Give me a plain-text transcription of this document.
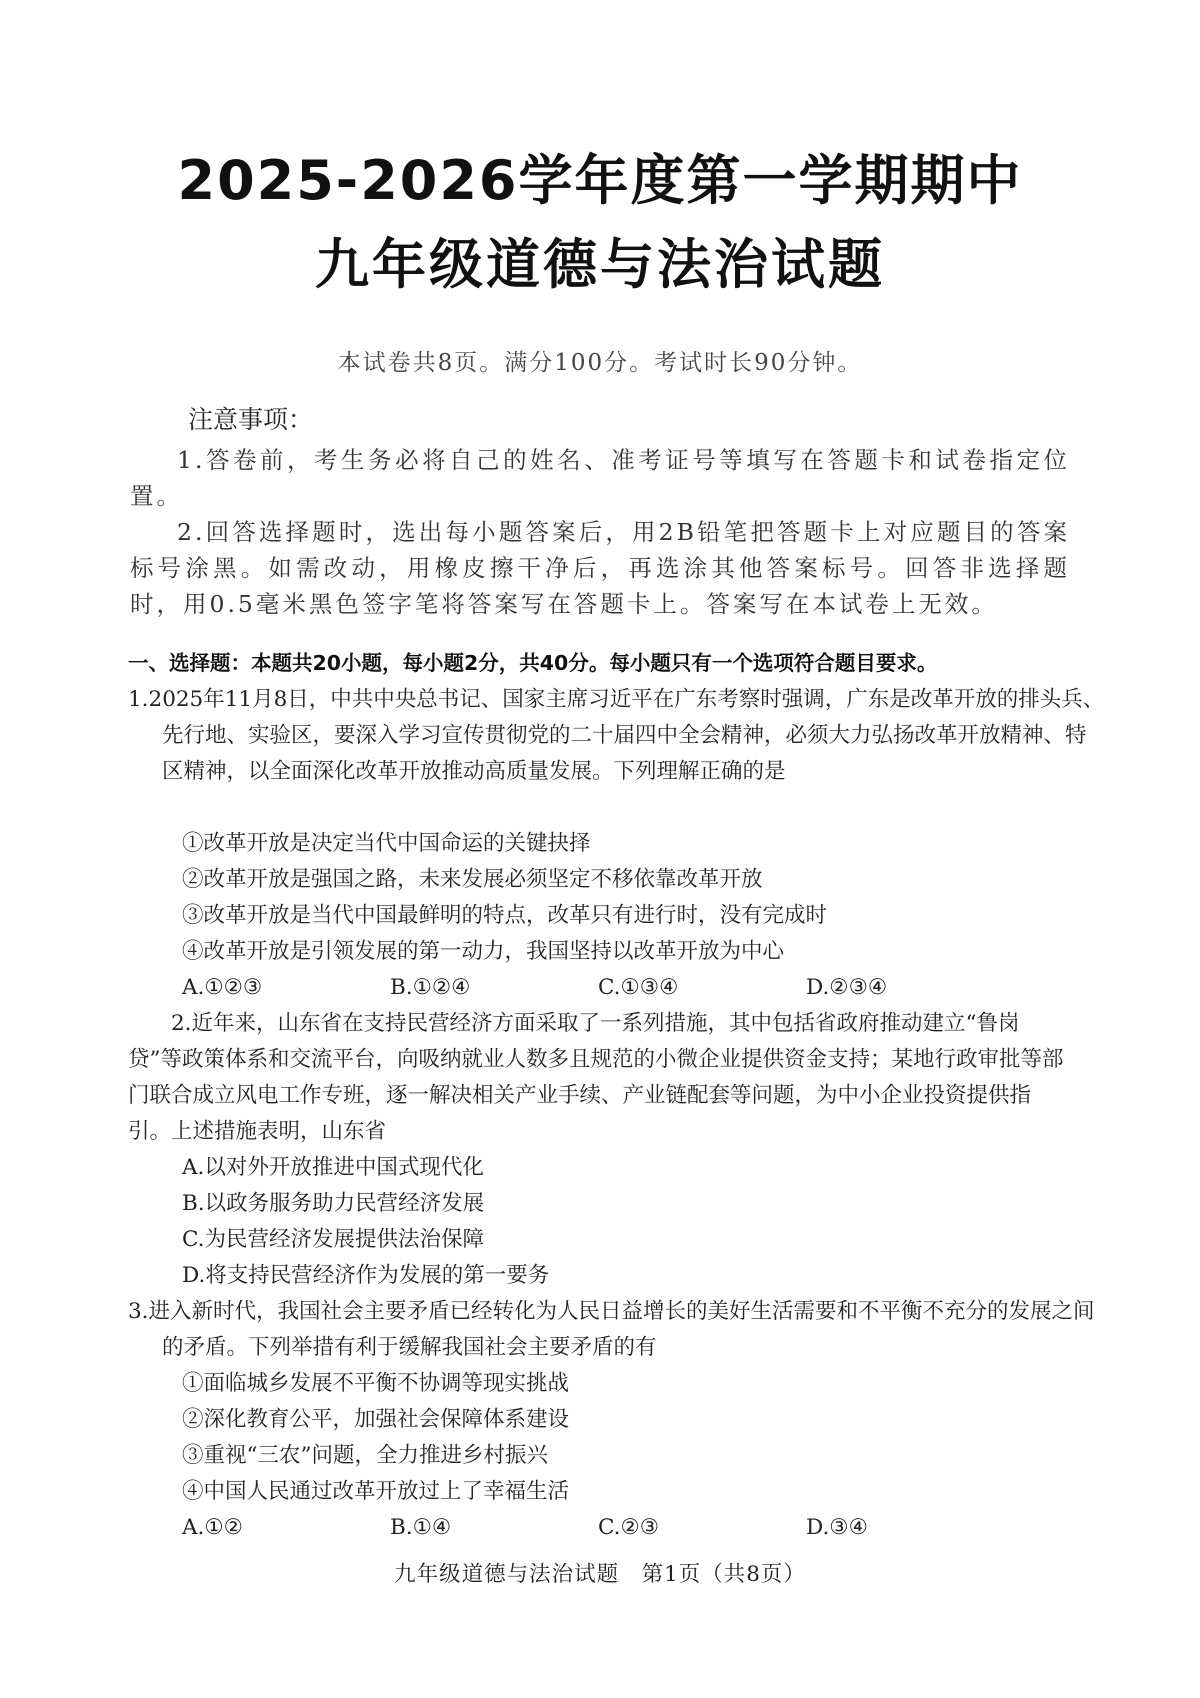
2025-2026学年度第一学期期中
九年级道德与法治试题
本试卷共8页。满分100分。考试时长90分钟。
注意事项：

1.答卷前，考生务必将自己的姓名、准考证号等填写在答题卡和试卷指定位置。

2.回答选择题时，选出每小题答案后，用2B铅笔把答题卡上对应题目的答案标号涂黑。如需改动，用橡皮擦干净后，再选涂其他答案标号。回答非选择题时，用0.5毫米黑色签字笔将答案写在答题卡上。答案写在本试卷上无效。

一、选择题：本题共20小题，每小题2分，共40分。每小题只有一个选项符合题目要求。

1.2025年11月8日，中共中央总书记、国家主席习近平在广东考察时强调，广东是改革开放的排头兵、先行地、实验区，要深入学习宣传贯彻党的二十届四中全会精神，必须大力弘扬改革开放精神、特区精神，以全面深化改革开放推动高质量发展。下列理解正确的是

①改革开放是决定当代中国命运的关键抉择

②改革开放是强国之路，未来发展必须坚定不移依靠改革开放

③改革开放是当代中国最鲜明的特点，改革只有进行时，没有完成时

④改革开放是引领发展的第一动力，我国坚持以改革开放为中心

A.①②③	B.①②④	C.①③④	D.②③④

2.近年来，山东省在支持民营经济方面采取了一系列措施，其中包括省政府推动建立“鲁岗贷”等政策体系和交流平台，向吸纳就业人数多且规范的小微企业提供资金支持；某地行政审批等部门联合成立风电工作专班，逐一解决相关产业手续、产业链配套等问题，为中小企业投资提供指引。上述措施表明，山东省

A.以对外开放推进中国式现代化

B.以政务服务助力民营经济发展

C.为民营经济发展提供法治保障

D.将支持民营经济作为发展的第一要务

3.进入新时代，我国社会主要矛盾已经转化为人民日益增长的美好生活需要和不平衡不充分的发展之间的矛盾。下列举措有利于缓解我国社会主要矛盾的有

①面临城乡发展不平衡不协调等现实挑战

②深化教育公平，加强社会保障体系建设

③重视“三农”问题，全力推进乡村振兴

④中国人民通过改革开放过上了幸福生活

A.①②	B.①④	C.②③	D.③④
九年级道德与法治试题　第1页（共8页）
